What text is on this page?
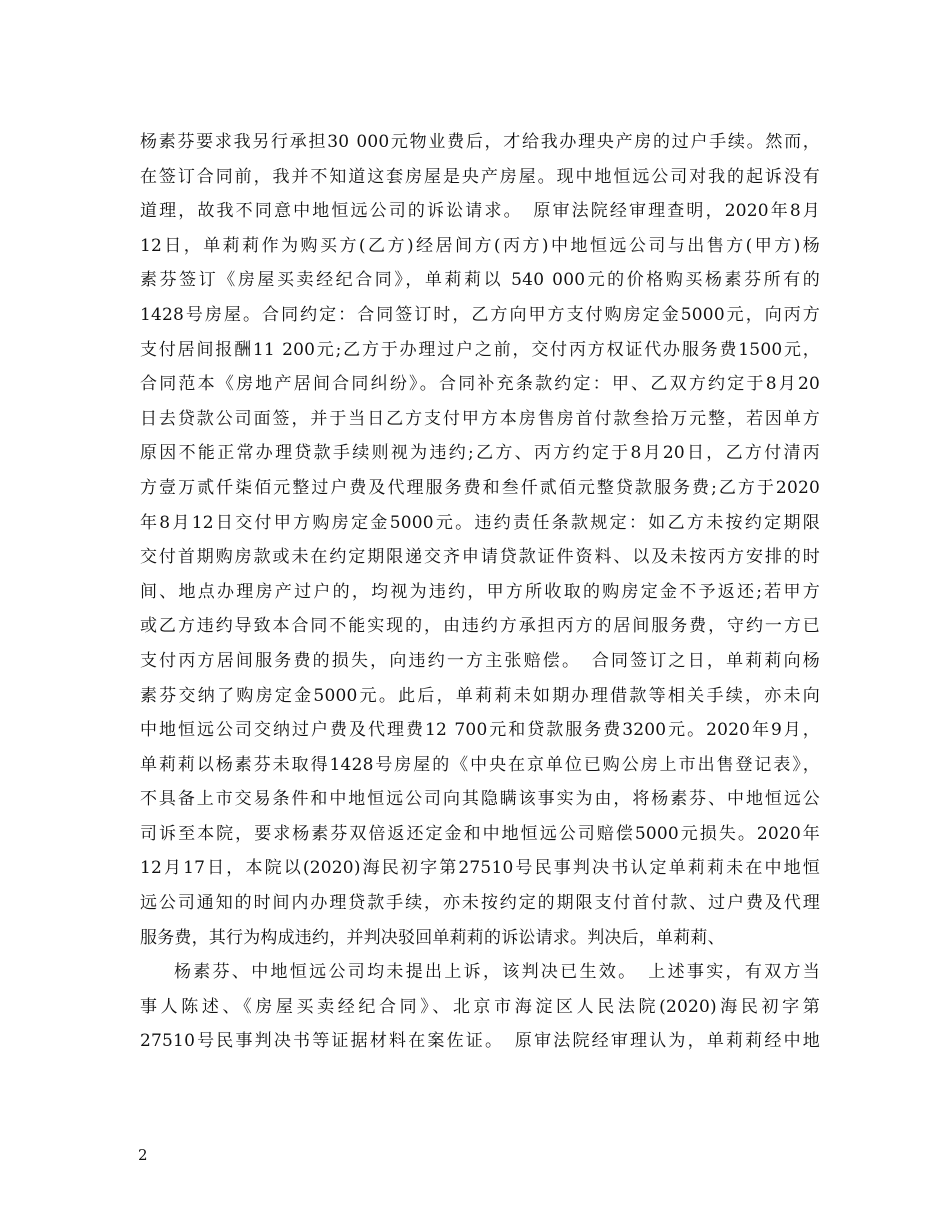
杨素芬要求我另行承担30 000元物业费后，才给我办理央产房的过户手续。然而，
在签订合同前，我并不知道这套房屋是央产房屋。现中地恒远公司对我的起诉没有
道理，故我不同意中地恒远公司的诉讼请求。　原审法院经审理查明，2020年8月
12日，单莉莉作为购买方(乙方)经居间方(丙方)中地恒远公司与出售方(甲方)杨
素芬签订《房屋买卖经纪合同》，单莉莉以 540 000元的价格购买杨素芬所有的
1428号房屋。合同约定：合同签订时，乙方向甲方支付购房定金5000元，向丙方
支付居间报酬11 200元;乙方于办理过户之前，交付丙方权证代办服务费1500元，
合同范本《房地产居间合同纠纷》。合同补充条款约定：甲、乙双方约定于8月20
日去贷款公司面签，并于当日乙方支付甲方本房售房首付款叁拾万元整，若因单方
原因不能正常办理贷款手续则视为违约;乙方、丙方约定于8月20日，乙方付清丙
方壹万贰仟柒佰元整过户费及代理服务费和叁仟贰佰元整贷款服务费;乙方于2020
年8月12日交付甲方购房定金5000元。违约责任条款规定：如乙方未按约定期限
交付首期购房款或未在约定期限递交齐申请贷款证件资料、以及未按丙方安排的时
间、地点办理房产过户的，均视为违约，甲方所收取的购房定金不予返还;若甲方
或乙方违约导致本合同不能实现的，由违约方承担丙方的居间服务费，守约一方已
支付丙方居间服务费的损失，向违约一方主张赔偿。　合同签订之日，单莉莉向杨
素芬交纳了购房定金5000元。此后，单莉莉未如期办理借款等相关手续，亦未向
中地恒远公司交纳过户费及代理费12 700元和贷款服务费3200元。2020年9月，
单莉莉以杨素芬未取得1428号房屋的《中央在京单位已购公房上市出售登记表》，
不具备上市交易条件和中地恒远公司向其隐瞒该事实为由，将杨素芬、中地恒远公
司诉至本院，要求杨素芬双倍返还定金和中地恒远公司赔偿5000元损失。2020年
12月17日，本院以(2020)海民初字第27510号民事判决书认定单莉莉未在中地恒
远公司通知的时间内办理贷款手续，亦未按约定的期限支付首付款、过户费及代理
服务费，其行为构成违约，并判决驳回单莉莉的诉讼请求。判决后，单莉莉、
杨素芬、中地恒远公司均未提出上诉，该判决已生效。　上述事实，有双方当
事人陈述、《房屋买卖经纪合同》、北京市海淀区人民法院(2020)海民初字第
27510号民事判决书等证据材料在案佐证。　原审法院经审理认为，单莉莉经中地
2
